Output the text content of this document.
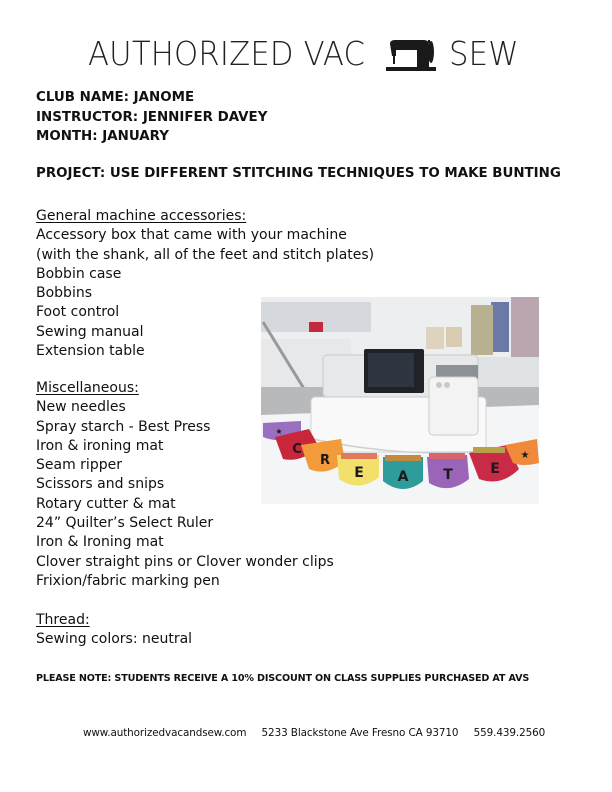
AUTHORIZED VAC	SEW
CLUB NAME: JANOME
INSTRUCTOR: JENNIFER DAVEY
MONTH: JANUARY
PROJECT: USE DIFFERENT STITCHING TECHNIQUES TO MAKE BUNTING
General machine accessories:
Accessory box that came with your machine
(with the shank, all of the feet and stitch plates)
Bobbin case
Bobbins
Foot control
Sewing manual
Extension table
Miscellaneous:
New needles
Spray starch - Best Press
Iron & ironing mat
Seam ripper
Scissors and snips
Rotary cutter & mat
24” Quilter’s Select Ruler
Iron & Ironing mat
Clover straight pins or Clover wonder clips
Frixion/fabric marking pen
Thread:
Sewing colors: neutral
★
C
R
E A T	E
★
PLEASE NOTE: STUDENTS RECEIVE A 10% DISCOUNT ON CLASS SUPPLIES PURCHASED AT AVS
www.authorizedvacandsew.com 5233 Blackstone Ave Fresno CA 93710 559.439.2560
